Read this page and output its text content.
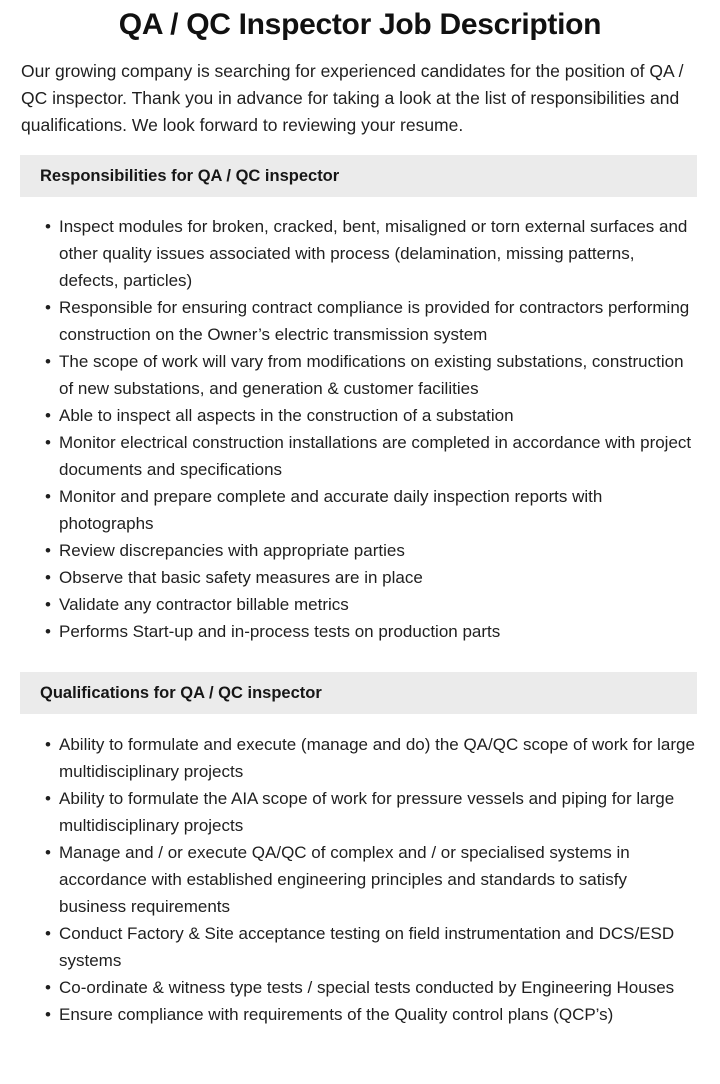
QA / QC Inspector Job Description

Our growing company is searching for experienced candidates for the position of QA / QC inspector. Thank you in advance for taking a look at the list of responsibilities and qualifications. We look forward to reviewing your resume.

Responsibilities for QA / QC inspector
• Inspect modules for broken, cracked, bent, misaligned or torn external surfaces and other quality issues associated with process (delamination, missing patterns, defects, particles)
• Responsible for ensuring contract compliance is provided for contractors performing construction on the Owner’s electric transmission system
• The scope of work will vary from modifications on existing substations, construction of new substations, and generation & customer facilities
• Able to inspect all aspects in the construction of a substation
• Monitor electrical construction installations are completed in accordance with project documents and specifications
• Monitor and prepare complete and accurate daily inspection reports with photographs
• Review discrepancies with appropriate parties
• Observe that basic safety measures are in place
• Validate any contractor billable metrics
• Performs Start-up and in-process tests on production parts
Qualifications for QA / QC inspector
• Ability to formulate and execute (manage and do) the QA/QC scope of work for large multidisciplinary projects
• Ability to formulate the AIA scope of work for pressure vessels and piping for large multidisciplinary projects
• Manage and / or execute QA/QC of complex and / or specialised systems in accordance with established engineering principles and standards to satisfy business requirements
• Conduct Factory & Site acceptance testing on field instrumentation and DCS/ESD systems
• Co-ordinate & witness type tests / special tests conducted by Engineering Houses
• Ensure compliance with requirements of the Quality control plans (QCP’s)
